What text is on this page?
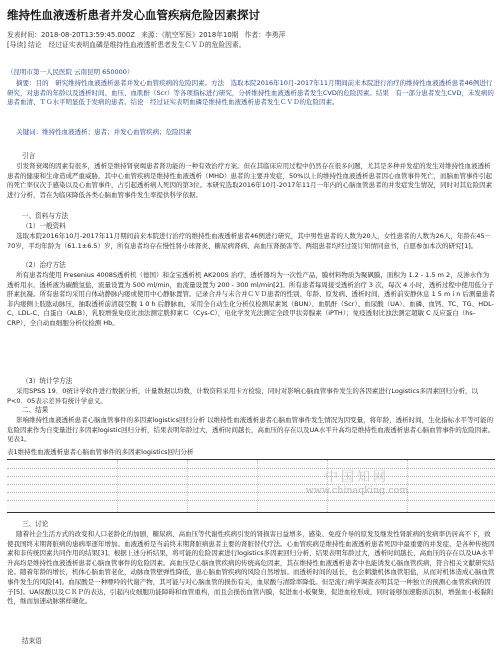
维持性血液透析患者并发心血管疾病危险因素探讨
发表时间：2018-08-20T13:59:45.000Z 来源：《航空军医》2018年10期 作者：李勇萍
[导读] 结论　经过证实表明血磷是维持性血液透析患者发生ＣＶＤ的危险因素。
（昆明市第一人民医院 云南昆明 650000）
摘要：目的　研究维持性血液透析患者并发心血管疾病的危险因素。方法　选取本院2016年10月-2017年11月期间前来本院进行治疗的维持性血液透析患者46例进行研究，对患者的年龄以及透析时间、血压、血肌酐（Scr）等各项指标进行研究，分析维持性血液透析患者发生CVD的危险因素。结果　有一部分患者发生CVD，未发病的患者血清、ＴＧ水平明显低于发病的患者。结论　经过证实表明血磷是维持性血液透析患者发生ＣＶＤ的危险因素。
关键词：维持性血液透析；患者；并发心血管疾病；危险因素
引言
引发肾衰竭的因素有很多，透析是维持肾衰竭患者肾功能的一种有效治疗方案。但在其临床应用过程中仍然存在很多问题，尤其是多种并发症的发生对维持性血液透析患者的健康和生命造成严重威胁，其中心血管疾病是维持性血液透析（MHD）患者的主要并发症，50%以上的维持性血液透析患者因心血管事件死亡，而脑血管事件引起的死亡率仅次于感染以及心血管事件，占引起透析病人死因的第3位。本研究选取2016年10月-2017年11月一年内的心脑血管患者的并发症发生情况，同时对其危险因素进行分析，旨在为临床降低各类心脑血管事件发生率提供科学依据。
一、资料与方法
（1）一般资料
选取本院2016年10月-2017年11月期间前来本院进行治疗的维持性血液透析患者46例进行研究，其中男性患者的人数为20人，女性患者的人数为26人，年龄在45－70岁，平均年龄为（61.1±6.5）岁，所有患者均存在慢性肾小球肾炎、糖尿病肾病、高血压肾损害等。两组患者均经过签订知情同意书，自愿参加本次的研究[1]。
（2）治疗方法
所有患者均使用 Fresenius 4008S透析机（德国）和金宝透析机 AK200S 治疗，透析器均为一次性产品，膜材料物质为聚砜膜，面积为 1.2 - 1.5 m 2，反渗水作为透析用水，透析液为碳酸氢盐，流量设置为 500 ml/min，血流量设置为 200 - 300 ml/min[2]。所有患者每周接受透析治疗 3 次，每次 4 小时，透析过程中使用低分子肝素抗凝。所有患者均采用自体动静脉内瘘或使用中心静脉置管。记录合并与未合并ＣＶＤ患者的性别、年龄、原发病、透析时间，透析前安静休息 1 5 m i n 后测量患者非内瘘侧上肢肱动脉压，抽取透析前清晨空腹 1 0 h 后静脉血，采用全自动生化分析仪检测尿素氮（BUN）、血肌酐（Scr）、血尿酸（UA）、血磷、血钙、TC、TG、HDL-C、LDL-C、白蛋白（ALB），乳胶增强免疫比浊法测定胱抑素Ｃ（Cys-C），电化学发光法测定全段甲状旁腺素（iPTH）；免疫透射比浊法测定超敏 C 反应蛋白（hs-CRP），全自动血细胞分析仪检测 Hb。
（3）统计学方法
采用SPSS 19．0统计学软件进行数据分析，计量数据以均数，计数资料采用卡方检验，同时对影响心脑血管事件发生的各因素进行Logistics多因素回归分析，以P<0．05表示差异有统计学意义。
二、结果
影响维持性血液透析患者心脑血管事件的多因素logistics回归分析 以维持性血液透析患者心脑血管事件发生情况为因变量，将年龄，透析时间，生化指标水平等可能的危险因素作为自变量进行多因素logistic回归分析，结果表明年龄过大，透析时间越长，高血压的存在以及UA水平升高均是维持性血液透析患者心脑血管事件的危险因素。见表1。
表1维持性血液透析患者心脑血管事件的多因素logistics回归分析
中国知网
www.chinaqking.com
三、讨论
随着社会生活方式的改变和人口老龄化的加剧，糖尿病、高血压等代谢性疾病引发的肾损害日益增多，感染、免疫介导的原发及继发性肾脏病的发病率仍居高不下，致使我国终末期肾脏病的患病率逐年增加。血液透析是当前终末期肾脏病患者主要的肾脏替代疗法。心血管疾病是维持性血液透析患者死因中最重要的并发症，是各种传统因素和非传统因素共同作用的结果[3]。根据上述分析结果，将可能的危险因素进行logistics多因素回归分析，结果表明年龄过大，透析时间越长，高血压的存在以及UA水平升高均是维持性血液透析患者心脑血管事件的危险因素。高血压是心脑血管疾病的传统高危因素，其在维持性血液透析患者中也能诱发心脑血管疾病，符合相关文献研究结论。随着年龄的增长，机体心脑血管老化，动脉血管壁弹性降低，患心脑血管疾病的风险自然增加。而透析时间的延长，也会刺激机体血管钼盐，从而对机体造成心脑血管事件发生的风险[4]。血尿酸是一种嘌呤的代谢产物，其可能与对心脑血管的损伤有关，血尿酸与清除率降低。但是流行病学调查表明其是一种独立的预测心血管疾病的因子[5]。UA尿酸以及ＣＲＰ的表达，引起内皮细胞功能障碍和血管重构，而且会损伤血管内膜，促进血小板聚集，促进血栓形成，同时能够加速脂质沉积，增强血小板黏附性，继而加速动脉粥样硬化。
结束语
